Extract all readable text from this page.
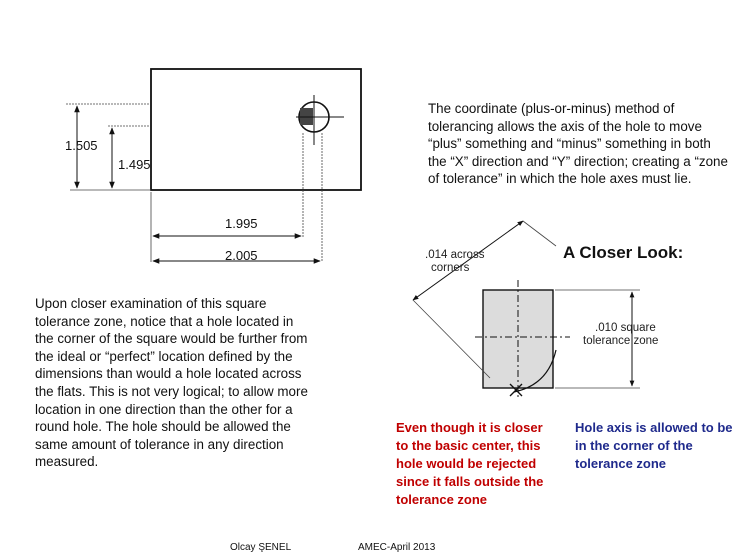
1.505
1.495
1.995
2.005
The coordinate (plus-or-minus) method of tolerancing allows the axis of the hole to move “plus” something and “minus” something in both the “X” direction and “Y” direction; creating a “zone of tolerance” in which the hole axes must lie.
A Closer Look:
.014 across
corners
.010 square
tolerance zone
Upon closer examination of this square tolerance zone, notice that a hole located in the corner of the square would be further from the ideal or “perfect” location defined by the dimensions than would a hole located across the flats. This is not very logical; to allow more location in one direction than the other for a round hole. The hole should be allowed the same amount of tolerance in any direction measured.
Even though it is closer to the basic center, this hole would be rejected since it falls outside the tolerance zone
Hole axis is allowed to be in the corner of the tolerance zone
Olcay ŞENEL	AMEC-April 2013
